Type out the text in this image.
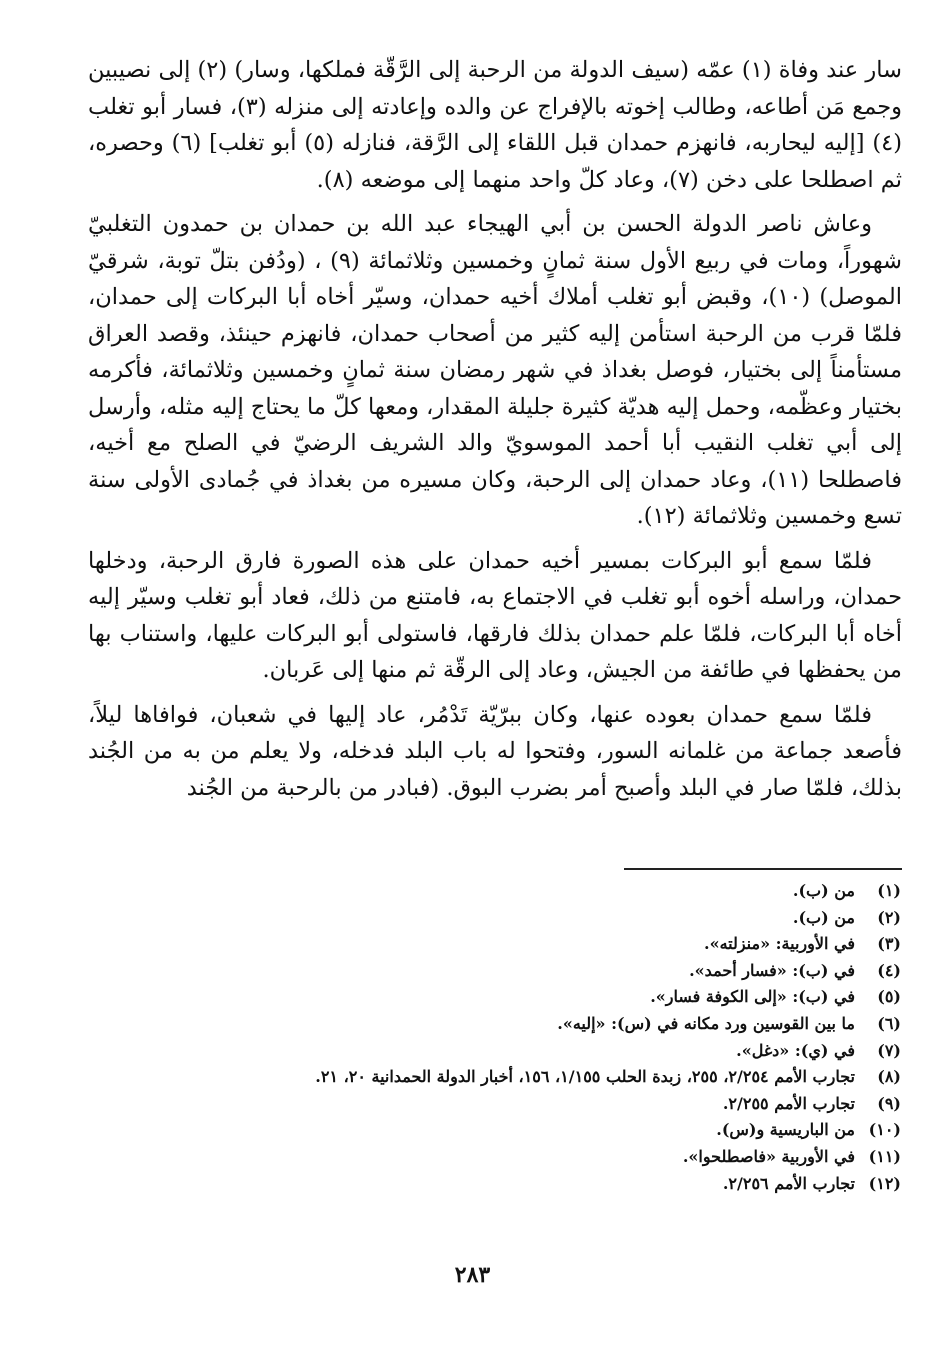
سار عند وفاة (١) عمّه (سيف الدولة من الرحبة إلى الرَّقّة فملكها، وسار) (٢) إلى نصيبين وجمع مَن أطاعه، وطالب إخوته بالإفراج عن والده وإعادته إلى منزله (٣)، فسار أبو تغلب (٤) [إليه ليحاربه، فانهزم حمدان قبل اللقاء إلى الرَّقة، فنازله (٥) أبو تغلب] (٦) وحصره، ثم اصطلحا على دخن (٧)، وعاد كلّ واحد منهما إلى موضعه (٨).

وعاش ناصر الدولة الحسن بن أبي الهيجاء عبد الله بن حمدان بن حمدون التغلبيّ شهوراً، ومات في ربيع الأول سنة ثمانٍ وخمسين وثلاثمائة (٩) ، (ودُفن بتلّ توبة، شرقيّ الموصل) (١٠)، وقبض أبو تغلب أملاك أخيه حمدان، وسيّر أخاه أبا البركات إلى حمدان، فلمّا قرب من الرحبة استأمن إليه كثير من أصحاب حمدان، فانهزم حينئذ، وقصد العراق مستأمناً إلى بختيار، فوصل بغداذ في شهر رمضان سنة ثمانٍ وخمسين وثلاثمائة، فأكرمه بختيار وعظّمه، وحمل إليه هديّة كثيرة جليلة المقدار، ومعها كلّ ما يحتاج إليه مثله، وأرسل إلى أبي تغلب النقيب أبا أحمد الموسويّ والد الشريف الرضيّ في الصلح مع أخيه، فاصطلحا (١١)، وعاد حمدان إلى الرحبة، وكان مسيره من بغداذ في جُمادى الأولى سنة تسع وخمسين وثلاثمائة (١٢).

فلمّا سمع أبو البركات بمسير أخيه حمدان على هذه الصورة فارق الرحبة، ودخلها حمدان، وراسله أخوه أبو تغلب في الاجتماع به، فامتنع من ذلك، فعاد أبو تغلب وسيّر إليه أخاه أبا البركات، فلمّا علم حمدان بذلك فارقها، فاستولى أبو البركات عليها، واستناب بها من يحفظها في طائفة من الجيش، وعاد إلى الرقّة ثم منها إلى عَربان.

فلمّا سمع حمدان بعوده عنها، وكان ببرّيّة تَدْمُر، عاد إليها في شعبان، فوافاها ليلاً، فأصعد جماعة من غلمانه السور، وفتحوا له باب البلد فدخله، ولا يعلم من به من الجُند بذلك، فلمّا صار في البلد وأصبح أمر بضرب البوق. (فبادر من بالرحبة من الجُند

(١)من (ب).
(٢)من (ب).
(٣)في الأوربية: «منزلته».
(٤)في (ب): «فسار أحمد».
(٥)في (ب): «إلى الكوفة فسار».
(٦)ما بين القوسين ورد مكانه في (س): «إليه».
(٧)في (ي): «دغل».
(٨)تجارب الأمم ٢/٢٥٤، ٢٥٥، زبدة الحلب ١/١٥٥، ١٥٦، أخبار الدولة الحمدانية ٢٠، ٢١.
(٩)تجارب الأمم ٢/٢٥٥.
(١٠)من الباريسية و(س).
(١١)في الأوربية «فاصطلحوا».
(١٢)تجارب الأمم ٢/٢٥٦.
٢٨٣
